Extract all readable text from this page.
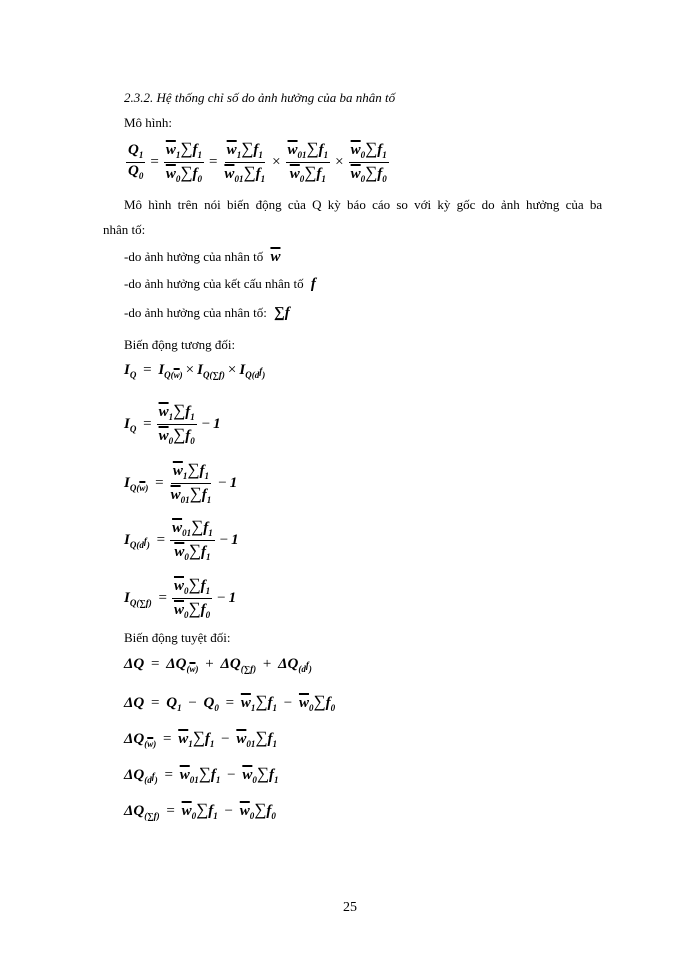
2.3.2. Hệ thống chỉ số do ảnh hưởng của ba nhân tố
Mô hình:
$\frac{Q_1}{Q_0} = \frac{\overline{w}_1\sum f_1}{\overline{w}_0\sum f_0} = \frac{\overline{w}_1\sum f_1}{\overline{w}_{01}\sum f_1} \times \frac{\overline{w}_{01}\sum f_1}{\overline{w}_0\sum f_1} \times \frac{\overline{w}_0\sum f_1}{\overline{w}_0\sum f_0}$
Mô hình trên nói biến động của Q kỳ báo cáo so với kỳ gốc do ảnh hưởng của ba
nhân tố:
-do ảnh hưởng của nhân tố $\overline{w}$
-do ảnh hưởng của kết cấu nhân tố f
-do ảnh hưởng của nhân tố: ∑f
Biến động tương đối:
$I_Q = I_{Q(\overline{w})} \times I_{Q(\sum f)} \times I_{Q(d^f)}$
$I_Q = \frac{\overline{w}_1\sum f_1}{\overline{w}_0\sum f_0} - 1$
$I_{Q(\overline{w})} = \frac{\overline{w}_1\sum f_1}{\overline{w}_{01}\sum f_1} - 1$
$I_{Q(d^f)} = \frac{\overline{w}_{01}\sum f_1}{\overline{w}_0\sum f_1} - 1$
$I_{Q(\sum f)} = \frac{\overline{w}_0\sum f_1}{\overline{w}_0\sum f_0} - 1$
Biến động tuyệt đối:
$\Delta Q = \Delta Q_{(\overline{w})} + \Delta Q_{(\sum f)} + \Delta Q_{(d^f)}$
$\Delta Q = Q_1 - Q_0 = \overline{w}_1\sum f_1 - \overline{w}_0\sum f_0$
$\Delta Q_{(\overline{w})} = \overline{w}_1\sum f_1 - \overline{w}_{01}\sum f_1$
$\Delta Q_{(d^f)} = \overline{w}_{01}\sum f_1 - \overline{w}_0\sum f_1$
$\Delta Q_{(\sum f)} = \overline{w}_0\sum f_1 - \overline{w}_0\sum f_0$
25
